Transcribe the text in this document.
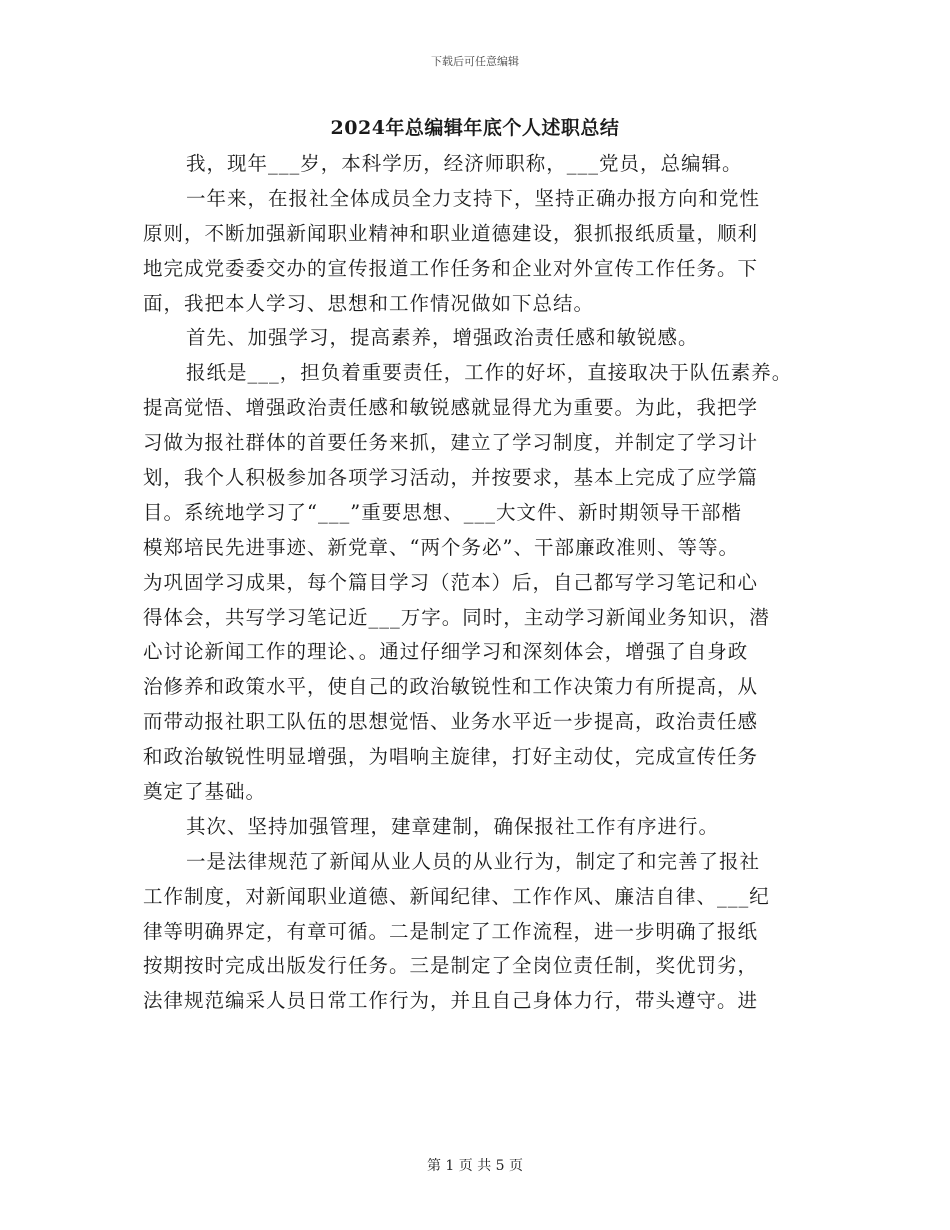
下载后可任意编辑
2024年总编辑年底个人述职总结
我，现年___岁，本科学历，经济师职称，___党员，总编辑。
一年来，在报社全体成员全力支持下，坚持正确办报方向和党性
原则，不断加强新闻职业精神和职业道德建设，狠抓报纸质量，顺利
地完成党委委交办的宣传报道工作任务和企业对外宣传工作任务。下
面，我把本人学习、思想和工作情况做如下总结。
首先、加强学习，提高素养，增强政治责任感和敏锐感。
报纸是___，担负着重要责任，工作的好坏，直接取决于队伍素养。
提高觉悟、增强政治责任感和敏锐感就显得尤为重要。为此，我把学
习做为报社群体的首要任务来抓，建立了学习制度，并制定了学习计
划，我个人积极参加各项学习活动，并按要求，基本上完成了应学篇
目。系统地学习了“___”重要思想、___大文件、新时期领导干部楷
模郑培民先进事迹、新党章、“两个务必”、干部廉政准则、等等。
为巩固学习成果，每个篇目学习（范本）后，自己都写学习笔记和心
得体会，共写学习笔记近___万字。同时，主动学习新闻业务知识，潜
心讨论新闻工作的理论、。通过仔细学习和深刻体会，增强了自身政
治修养和政策水平，使自己的政治敏锐性和工作决策力有所提高，从
而带动报社职工队伍的思想觉悟、业务水平近一步提高，政治责任感
和政治敏锐性明显增强，为唱响主旋律，打好主动仗，完成宣传任务
奠定了基础。
其次、坚持加强管理，建章建制，确保报社工作有序进行。
一是法律规范了新闻从业人员的从业行为，制定了和完善了报社
工作制度，对新闻职业道德、新闻纪律、工作作风、廉洁自律、___纪
律等明确界定，有章可循。二是制定了工作流程，进一步明确了报纸
按期按时完成出版发行任务。三是制定了全岗位责任制，奖优罚劣，
法律规范编采人员日常工作行为，并且自己身体力行，带头遵守。进
第 1 页 共 5 页
